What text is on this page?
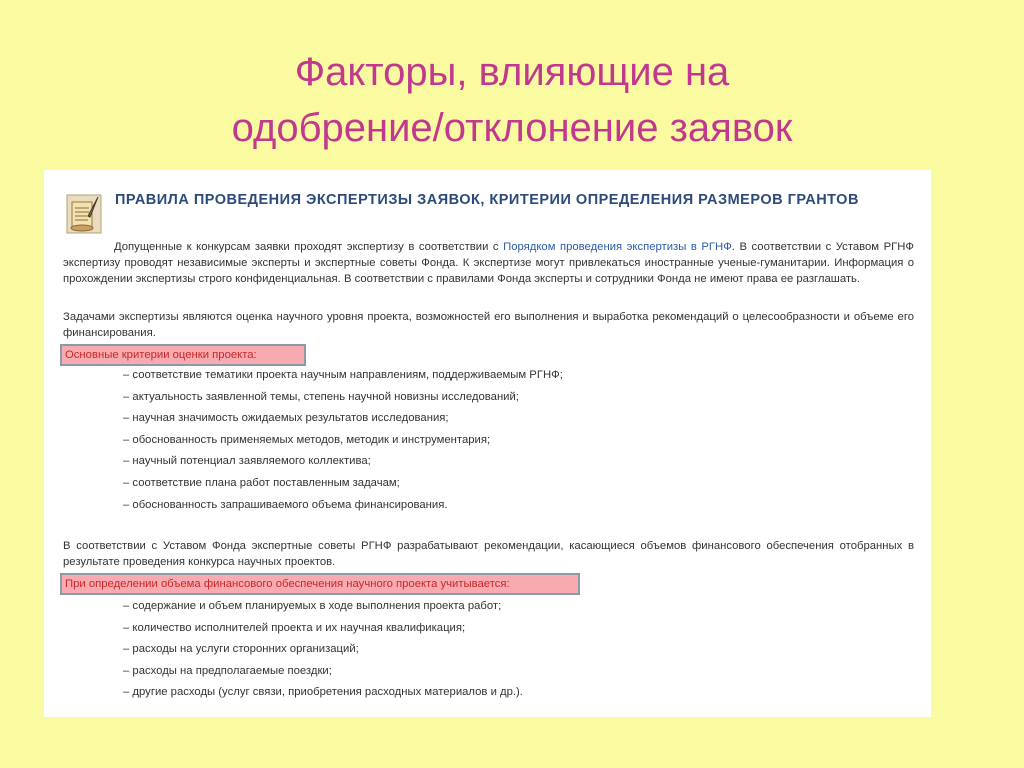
Факторы, влияющие на
одобрение/отклонение заявок
ПРАВИЛА ПРОВЕДЕНИЯ ЭКСПЕРТИЗЫ ЗАЯВОК, КРИТЕРИИ ОПРЕДЕЛЕНИЯ РАЗМЕРОВ ГРАНТОВ

Допущенные к конкурсам заявки проходят экспертизу в соответствии с Порядком проведения экспертизы в РГНФ. В соответствии с Уставом РГНФ экспертизу проводят независимые эксперты и экспертные советы Фонда. К экспертизе могут привлекаться иностранные ученые-гуманитарии. Информация о прохождении экспертизы строго конфиденциальная. В соответствии с правилами Фонда эксперты и сотрудники Фонда не имеют права ее разглашать.

Задачами экспертизы являются оценка научного уровня проекта, возможностей его выполнения и выработка рекомендаций о целесообразности и объеме его финансирования.

Основные критерии оценки проекта:
– соответствие тематики проекта научным направлениям, поддерживаемым РГНФ;
– актуальность заявленной темы, степень научной новизны исследований;
– научная значимость ожидаемых результатов исследования;
– обоснованность применяемых методов, методик и инструментария;
– научный потенциал заявляемого коллектива;
– соответствие плана работ поставленным задачам;
– обоснованность запрашиваемого объема финансирования.

В соответствии с Уставом Фонда экспертные советы РГНФ разрабатывают рекомендации, касающиеся объемов финансового обеспечения отобранных в результате проведения конкурса научных проектов.

При определении объема финансового обеспечения научного проекта учитывается:
– содержание и объем планируемых в ходе выполнения проекта работ;
– количество исполнителей проекта и их научная квалификация;
– расходы на услуги сторонних организаций;
– расходы на предполагаемые поездки;
– другие расходы (услуг связи, приобретения расходных материалов и др.).
